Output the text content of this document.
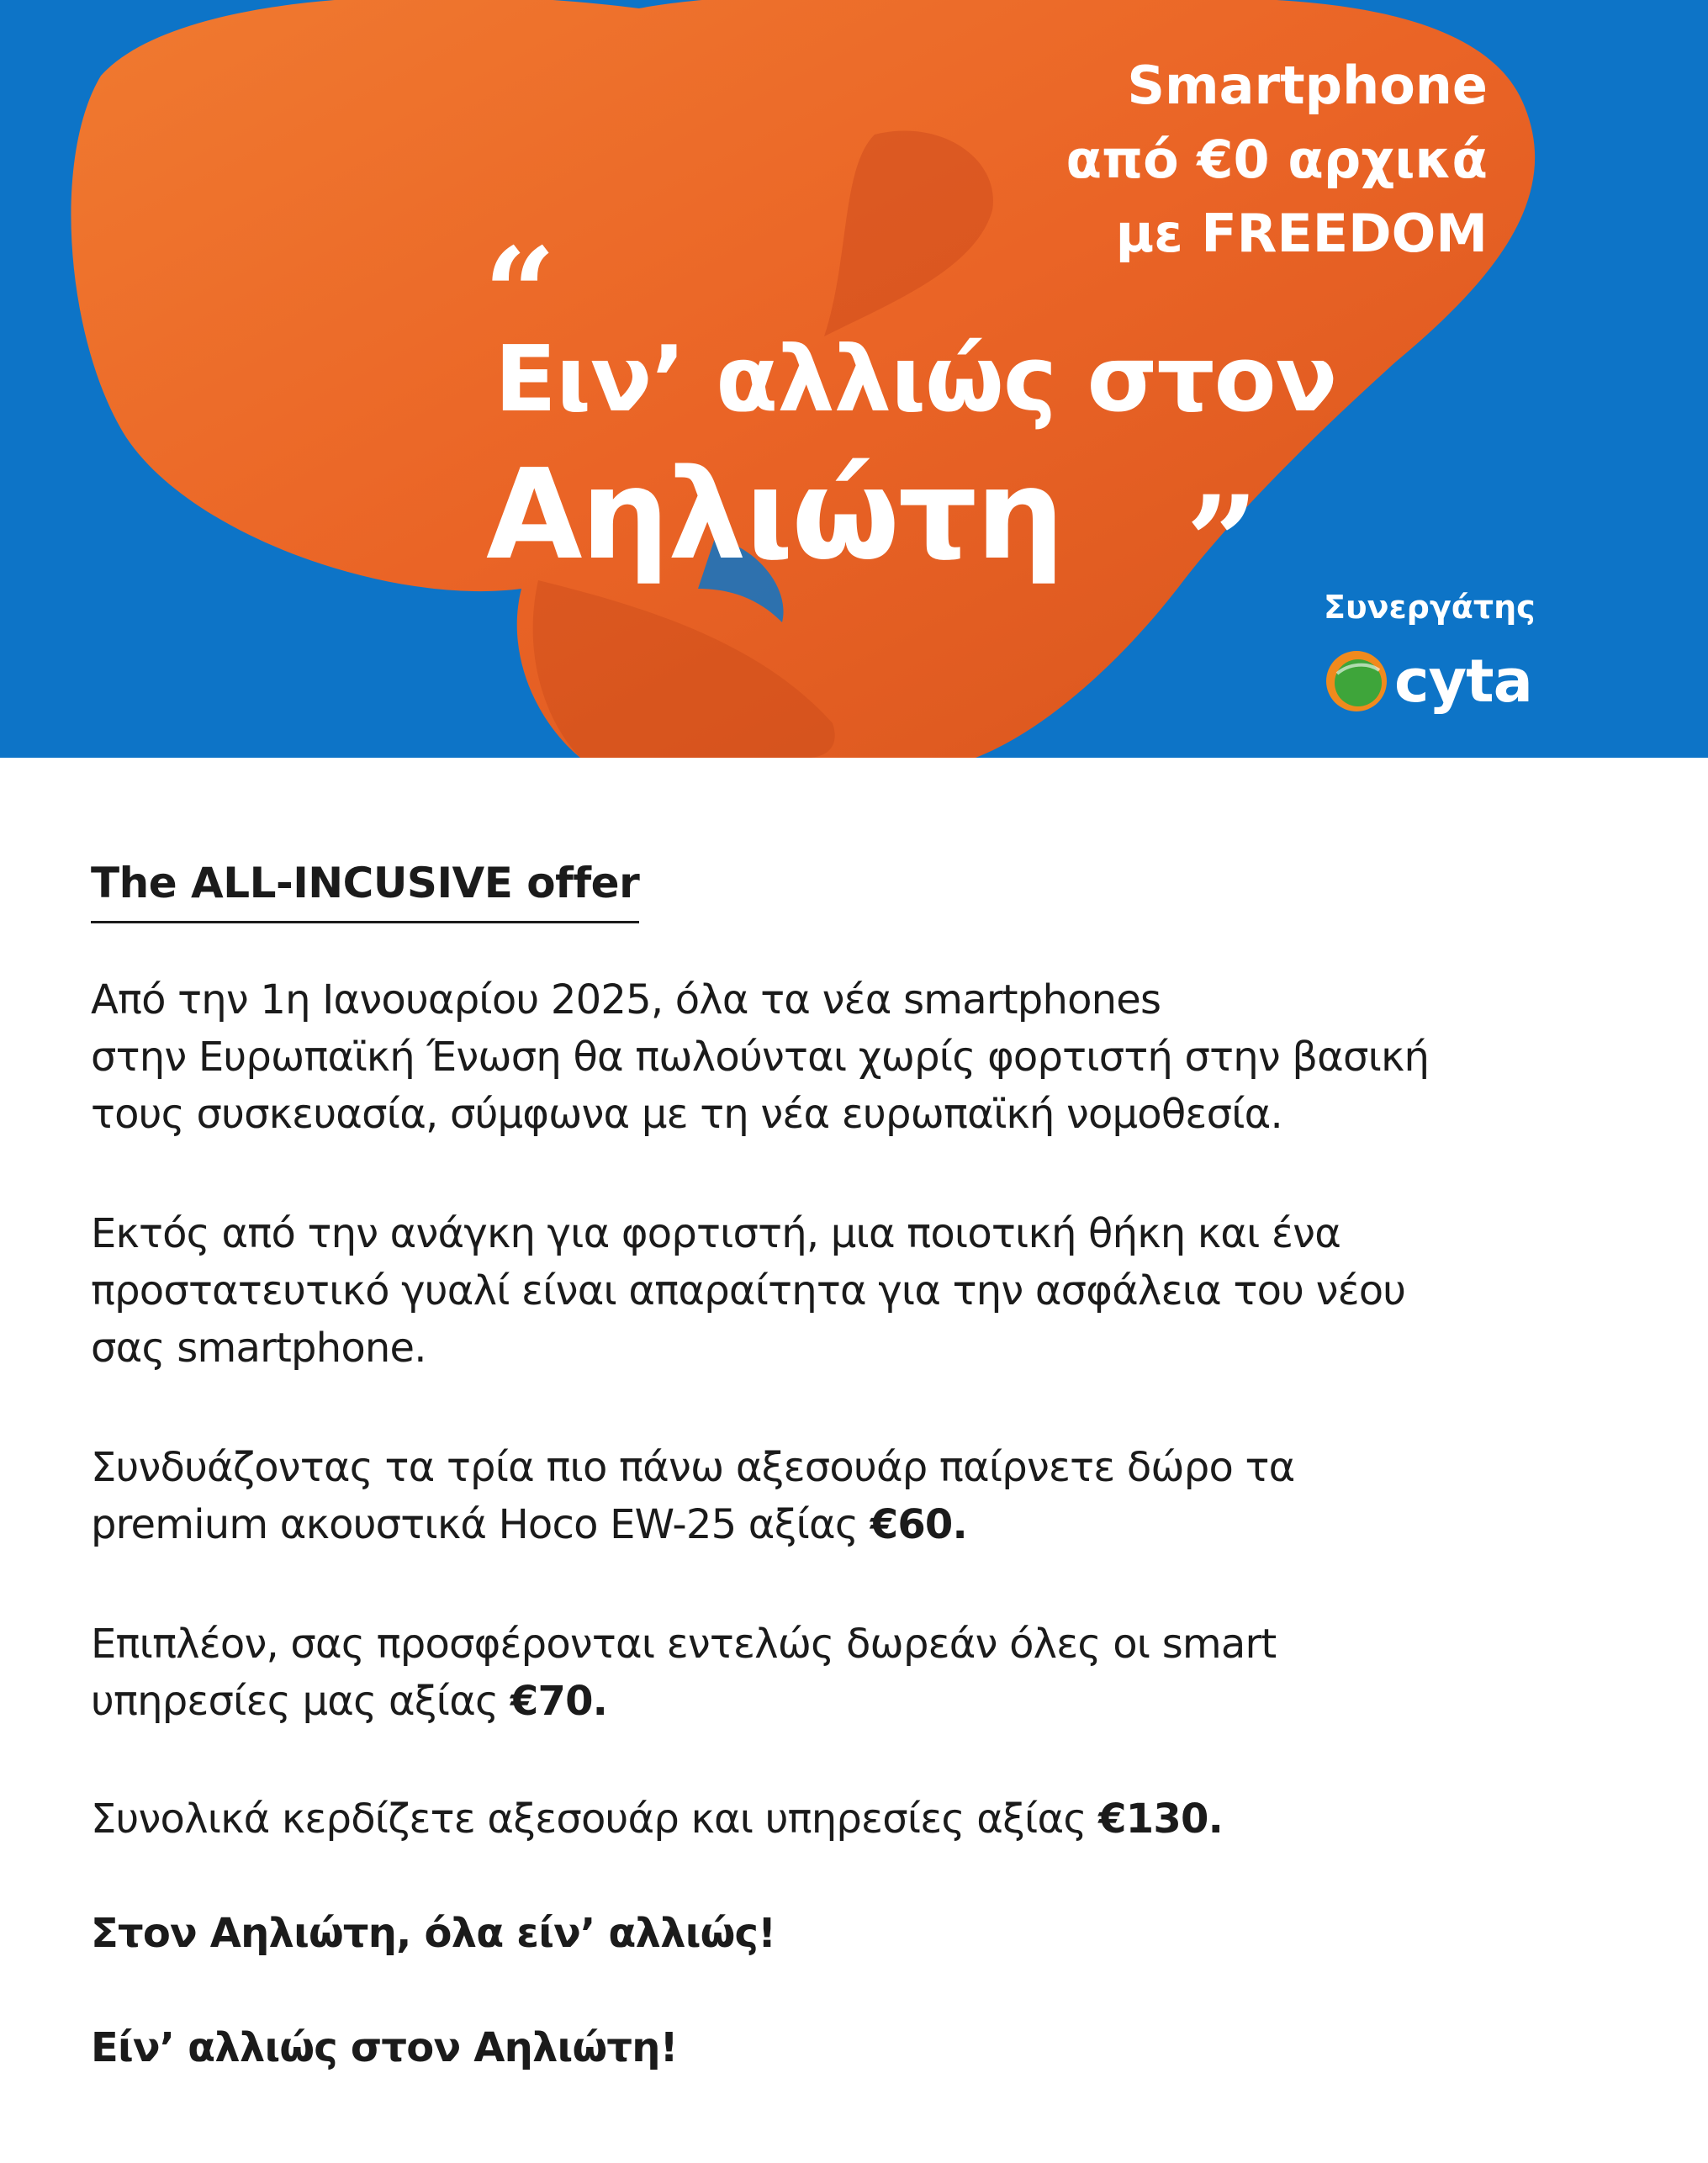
“
Ειν’ αλλιώς στον
Αηλιώτη ”
Smartphone
από €0 αρχικά
με FREEDOM
Συνεργάτης
cyta
The ALL-INCUSIVE offer
Από την 1η Ιανουαρίου 2025, όλα τα νέα smartphones
στην Ευρωπαϊκή Ένωση θα πωλούνται χωρίς φορτιστή στην βασική
τους συσκευασία, σύμφωνα με τη νέα ευρωπαϊκή νομοθεσία.
Εκτός από την ανάγκη για φορτιστή, μια ποιοτική θήκη και ένα
προστατευτικό γυαλί είναι απαραίτητα για την ασφάλεια του νέου
σας smartphone.
Συνδυάζοντας τα τρία πιο πάνω αξεσουάρ παίρνετε δώρο τα
premium ακουστικά Hoco EW-25 αξίας €60.
Επιπλέον, σας προσφέρονται εντελώς δωρεάν όλες οι smart
υπηρεσίες μας αξίας €70.
Συνολικά κερδίζετε αξεσουάρ και υπηρεσίες αξίας €130.
Στον Αηλιώτη, όλα είν’ αλλιώς!
Είν’ αλλιώς στον Αηλιώτη!
